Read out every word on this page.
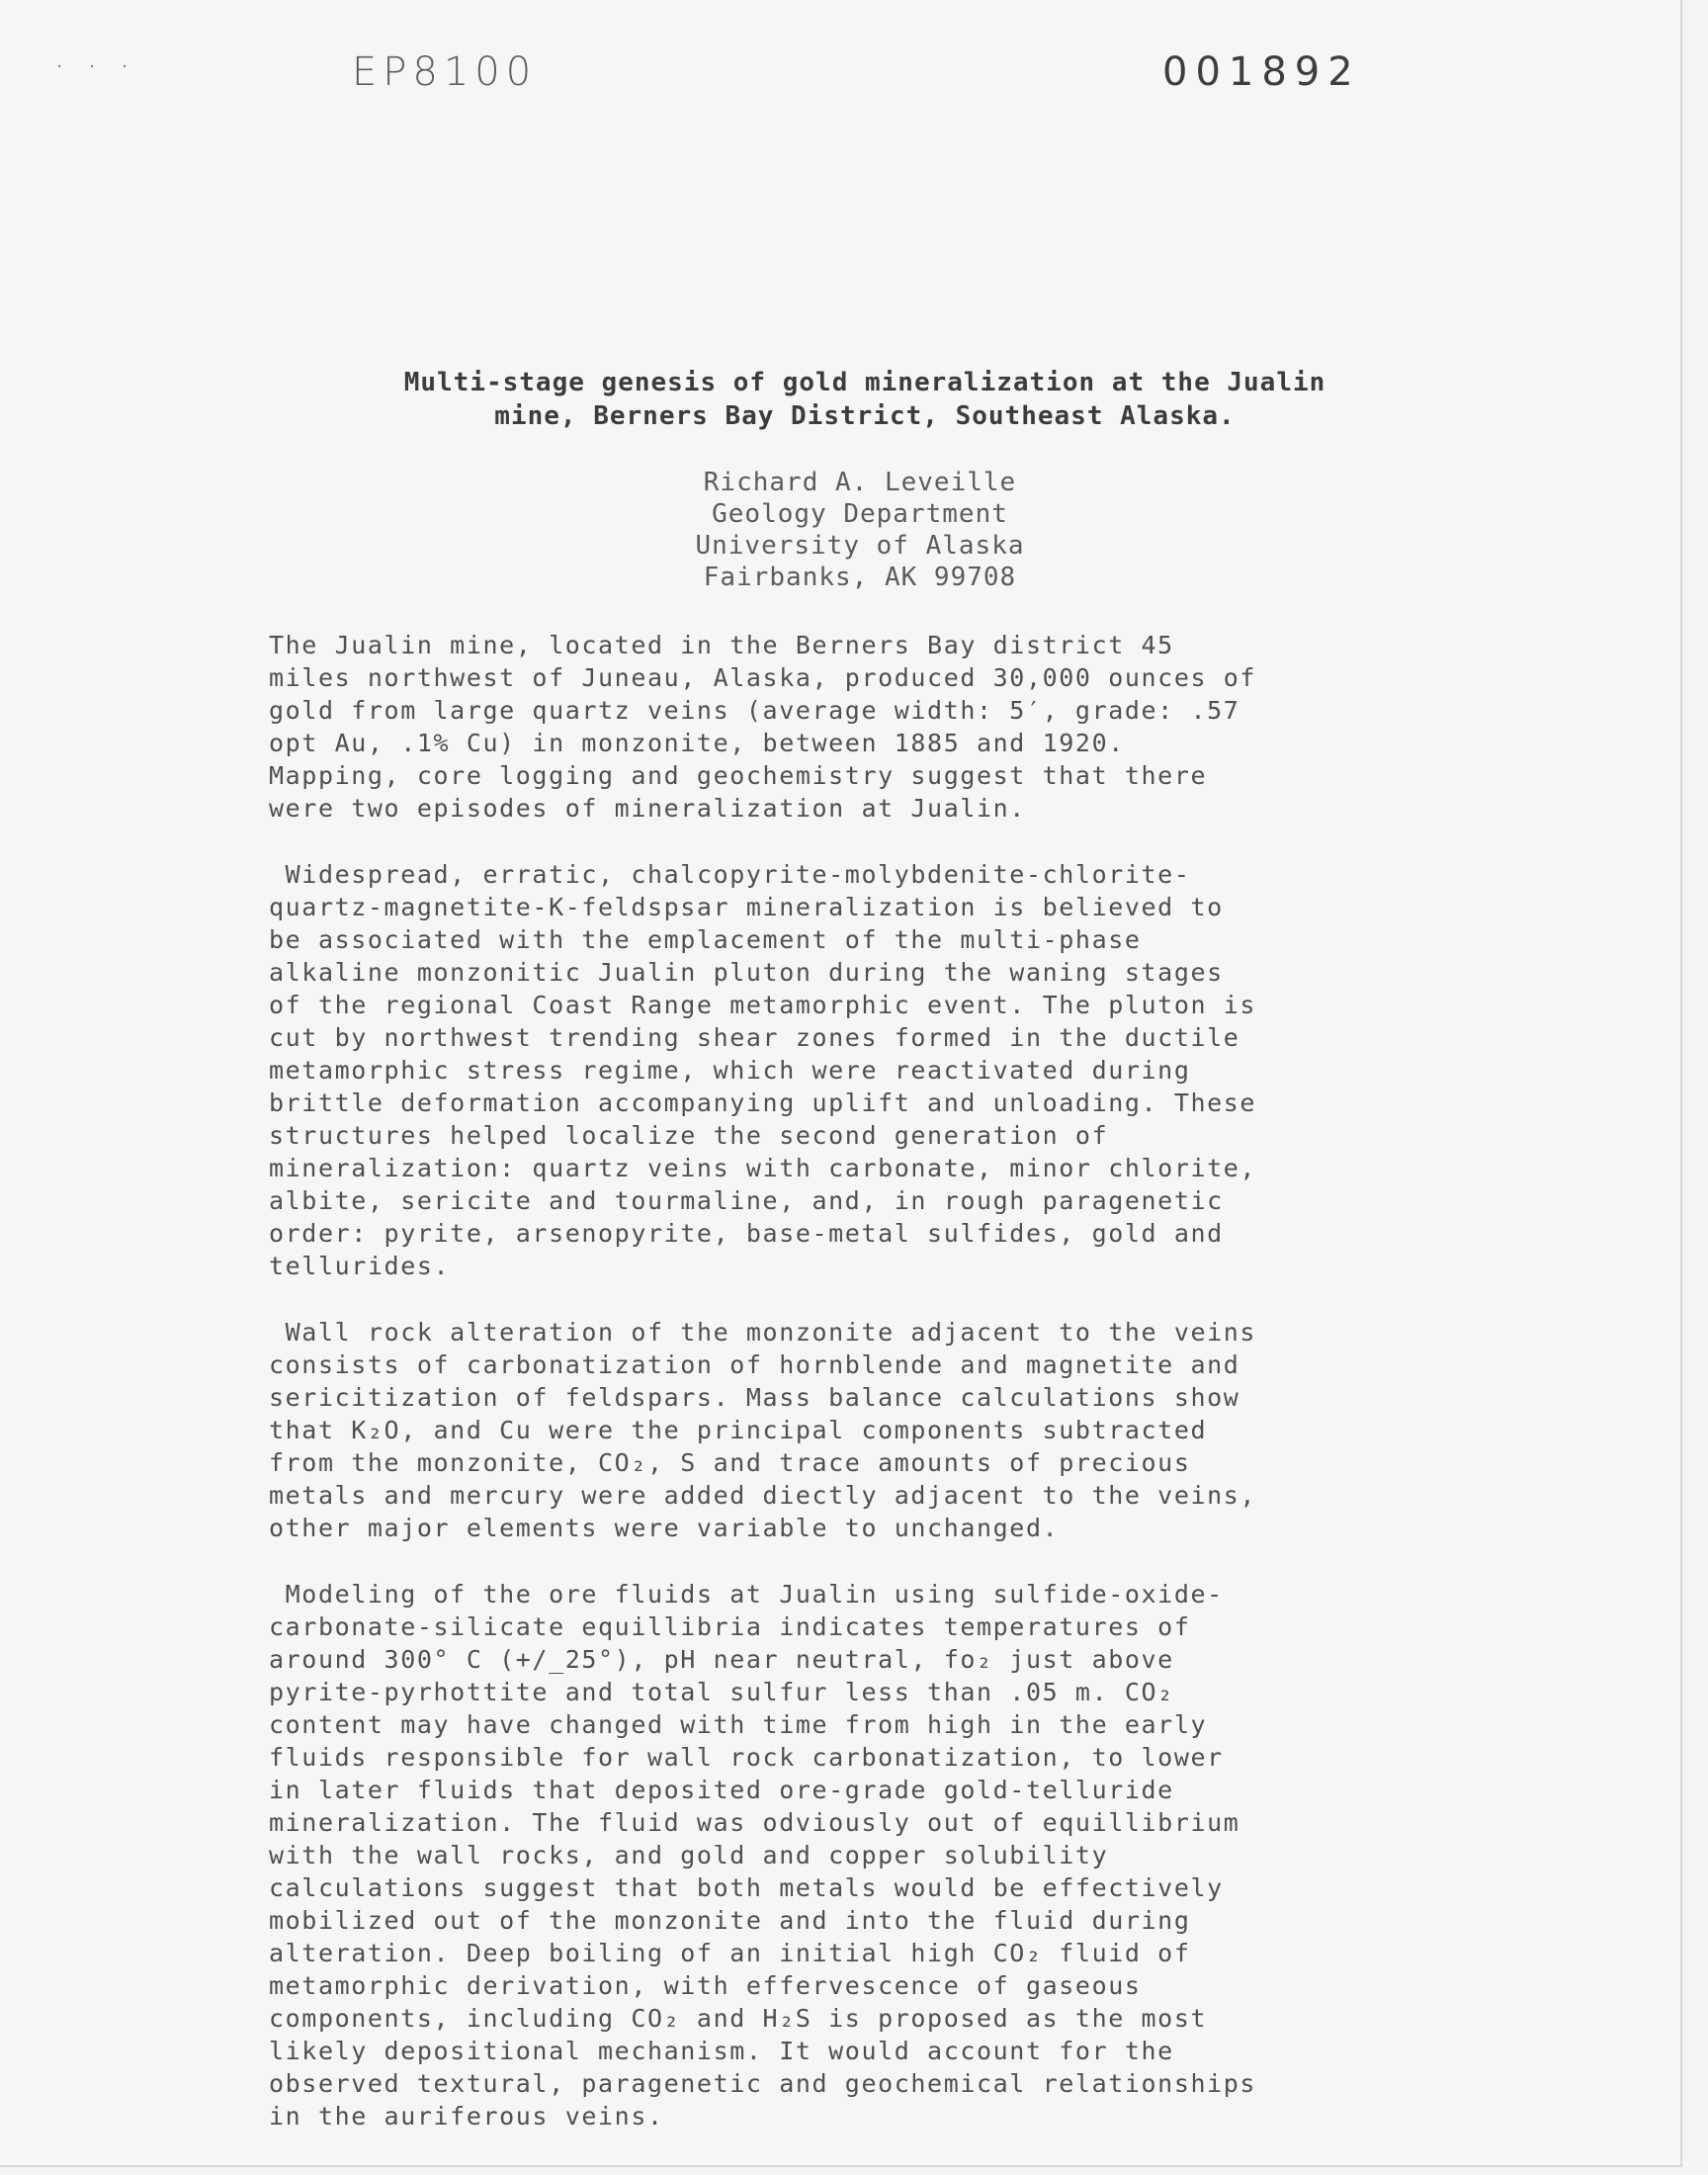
. . .	EP8100	001892
Multi-stage genesis of gold mineralization at the Jualin
mine, Berners Bay District, Southeast Alaska.
Richard A. Leveille
Geology Department
University of Alaska
Fairbanks, AK 99708

The Jualin mine, located in the Berners Bay district 45
miles northwest of Juneau, Alaska, produced 30,000 ounces of
gold from large quartz veins (average width: 5′, grade: .57
opt Au, .1% Cu) in monzonite, between 1885 and 1920.
Mapping, core logging and geochemistry suggest that there
were two episodes of mineralization at Jualin.

Widespread, erratic, chalcopyrite-molybdenite-chlorite-
quartz-magnetite-K-feldspsar mineralization is believed to
be associated with the emplacement of the multi-phase
alkaline monzonitic Jualin pluton during the waning stages
of the regional Coast Range metamorphic event. The pluton is
cut by northwest trending shear zones formed in the ductile
metamorphic stress regime, which were reactivated during
brittle deformation accompanying uplift and unloading. These
structures helped localize the second generation of
mineralization: quartz veins with carbonate, minor chlorite,
albite, sericite and tourmaline, and, in rough paragenetic
order: pyrite, arsenopyrite, base-metal sulfides, gold and
tellurides.

Wall rock alteration of the monzonite adjacent to the veins
consists of carbonatization of hornblende and magnetite and
sericitization of feldspars. Mass balance calculations show
that K₂O, and Cu were the principal components subtracted
from the monzonite, CO₂, S and trace amounts of precious
metals and mercury were added diectly adjacent to the veins,
other major elements were variable to unchanged.

Modeling of the ore fluids at Jualin using sulfide-oxide-
carbonate-silicate equillibria indicates temperatures of
around 300° C (+/_25°), pH near neutral, fo₂ just above
pyrite-pyrhottite and total sulfur less than .05 m. CO₂
content may have changed with time from high in the early
fluids responsible for wall rock carbonatization, to lower
in later fluids that deposited ore-grade gold-telluride
mineralization. The fluid was odviously out of equillibrium
with the wall rocks, and gold and copper solubility
calculations suggest that both metals would be effectively
mobilized out of the monzonite and into the fluid during
alteration. Deep boiling of an initial high CO₂ fluid of
metamorphic derivation, with effervescence of gaseous
components, including CO₂ and H₂S is proposed as the most
likely depositional mechanism. It would account for the
observed textural, paragenetic and geochemical relationships
in the auriferous veins.
